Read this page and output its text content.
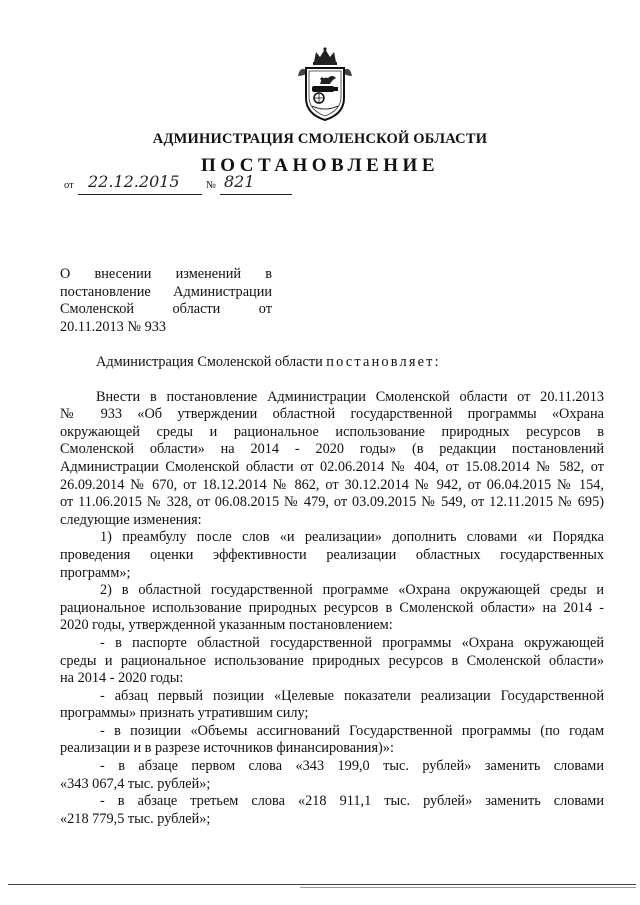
АДМИНИСТРАЦИЯ СМОЛЕНСКОЙ ОБЛАСТИ
ПОСТАНОВЛЕНИЕ
от 22.12.2015	№ 821
О внесении изменений в
постановление Администрации
Смоленской области от
20.11.2013 № 933

Администрация Смоленской области постановляет:

Внести в постановление Администрации Смоленской области от 20.11.2013

№ 933 «Об утверждении областной государственной программы «Охрана

окружающей среды и рациональное использование природных ресурсов в

Смоленской области» на 2014 - 2020 годы» (в редакции постановлений

Администрации Смоленской области от 02.06.2014 № 404, от 15.08.2014 № 582, от

26.09.2014 № 670, от 18.12.2014 № 862, от 30.12.2014 № 942, от 06.04.2015 № 154,

от 11.06.2015 № 328, от 06.08.2015 № 479, от 03.09.2015 № 549, от 12.11.2015 № 695)

следующие изменения:

1) преамбулу после слов «и реализации» дополнить словами «и Порядка

проведения оценки эффективности реализации областных государственных

программ»;

2) в областной государственной программе «Охрана окружающей среды и

рациональное использование природных ресурсов в Смоленской области» на 2014 -

2020 годы, утвержденной указанным постановлением:

- в паспорте областной государственной программы «Охрана окружающей

среды и рациональное использование природных ресурсов в Смоленской области»

на 2014 - 2020 годы:

- абзац первый позиции «Целевые показатели реализации Государственной

программы» признать утратившим силу;

- в позиции «Объемы ассигнований Государственной программы (по годам

реализации и в разрезе источников финансирования)»:

- в абзаце первом слова «343 199,0 тыс. рублей» заменить словами

«343 067,4 тыс. рублей»;

- в абзаце третьем слова «218 911,1 тыс. рублей» заменить словами

«218 779,5 тыс. рублей»;
